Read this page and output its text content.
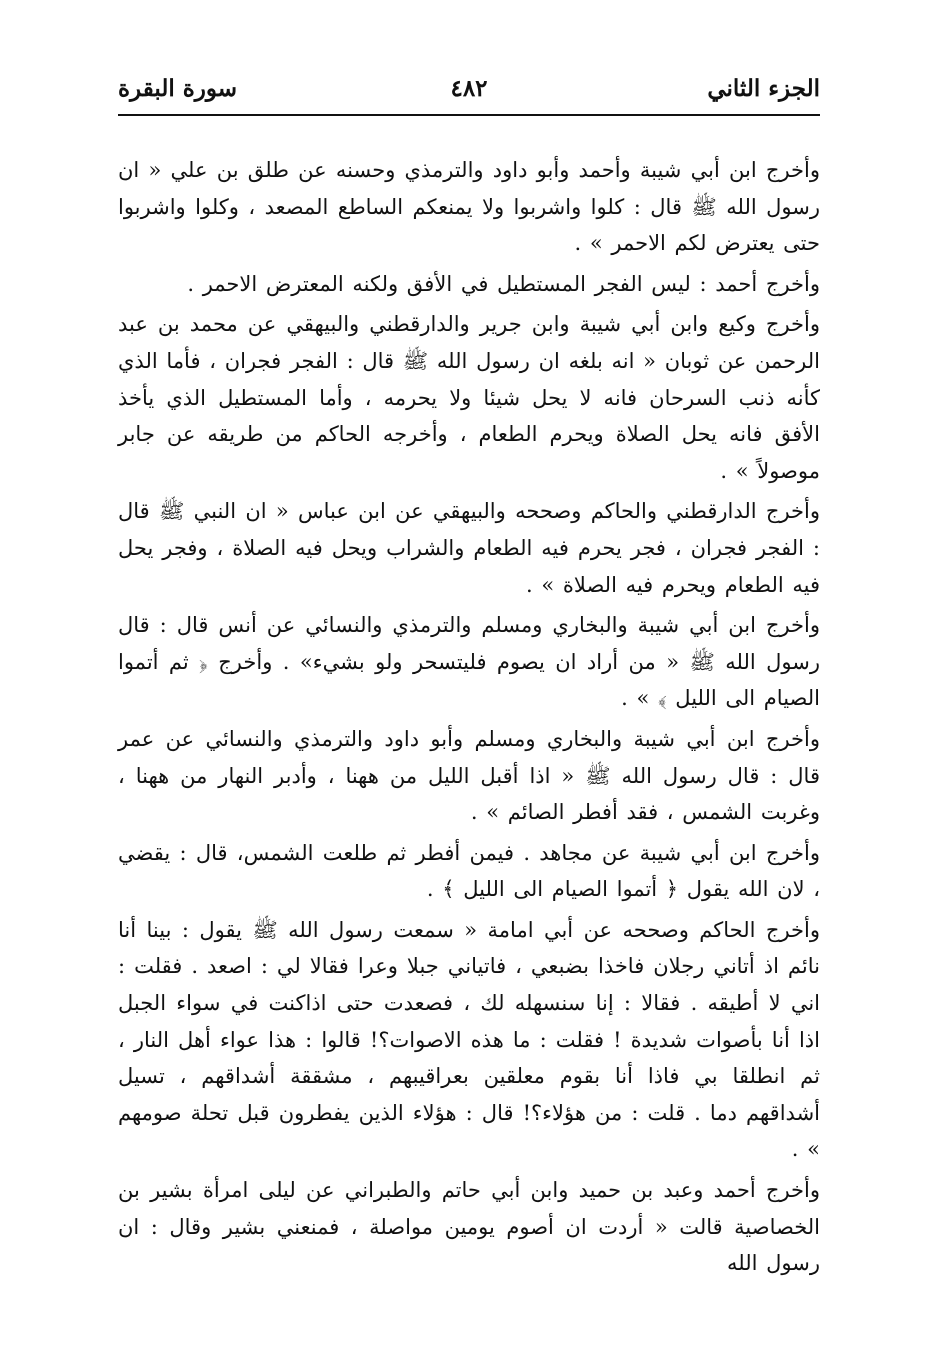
الجزء الثاني
٤٨٢
سورة البقرة

وأخرج ابن أبي شيبة وأحمد وأبو داود والترمذي وحسنه عن طلق بن علي « ان رسول الله ﷺ قال : كلوا واشربوا ولا يمنعكم الساطع المصعد ، وكلوا واشربوا حتى يعترض لكم الاحمر » .

وأخرج أحمد : ليس الفجر المستطيل في الأفق ولكنه المعترض الاحمر .

وأخرج وكيع وابن أبي شيبة وابن جرير والدارقطني والبيهقي عن محمد بن عبد الرحمن عن ثوبان « انه بلغه ان رسول الله ﷺ قال : الفجر فجران ، فأما الذي كأنه ذنب السرحان فانه لا يحل شيئا ولا يحرمه ، وأما المستطيل الذي يأخذ الأفق فانه يحل الصلاة ويحرم الطعام ، وأخرجه الحاكم من طريقه عن جابر موصولاً » .

وأخرج الدارقطني والحاكم وصححه والبيهقي عن ابن عباس « ان النبي ﷺ قال : الفجر فجران ، فجر يحرم فيه الطعام والشراب ويحل فيه الصلاة ، وفجر يحل فيه الطعام ويحرم فيه الصلاة » .

وأخرج ابن أبي شيبة والبخاري ومسلم والترمذي والنسائي عن أنس قال : قال رسول الله ﷺ « من أراد ان يصوم فليتسحر ولو بشيء» . وأخرج ﴿ ثم أتموا الصيام الى الليل ﴾ » .

وأخرج ابن أبي شيبة والبخاري ومسلم وأبو داود والترمذي والنسائي عن عمر قال : قال رسول الله ﷺ « اذا أقبل الليل من ههنا ، وأدبر النهار من ههنا ، وغربت الشمس ، فقد أفطر الصائم » .

وأخرج ابن أبي شيبة عن مجاهد . فيمن أفطر ثم طلعت الشمس، قال : يقضي ، لان الله يقول ﴿ أتموا الصيام الى الليل ﴾ .

وأخرج الحاكم وصححه عن أبي امامة « سمعت رسول الله ﷺ يقول : بينا أنا نائم اذ أتاني رجلان فاخذا بضبعي ، فاتياني جبلا وعرا فقالا لي : اصعد . فقلت : اني لا أطيقه . فقالا : إنا سنسهله لك ، فصعدت حتى اذاكنت في سواء الجبل اذا أنا بأصوات شديدة ! فقلت : ما هذه الاصوات؟! قالوا : هذا عواء أهل النار ، ثم انطلقا بي فاذا أنا بقوم معلقين بعراقيبهم ، مشققة أشداقهم ، تسيل أشداقهم دما . قلت : من هؤلاء؟! قال : هؤلاء الذين يفطرون قبل تحلة صومهم » .

وأخرج أحمد وعبد بن حميد وابن أبي حاتم والطبراني عن ليلى امرأة بشير بن الخصاصية قالت « أردت ان أصوم يومين مواصلة ، فمنعني بشير وقال : ان رسول الله
